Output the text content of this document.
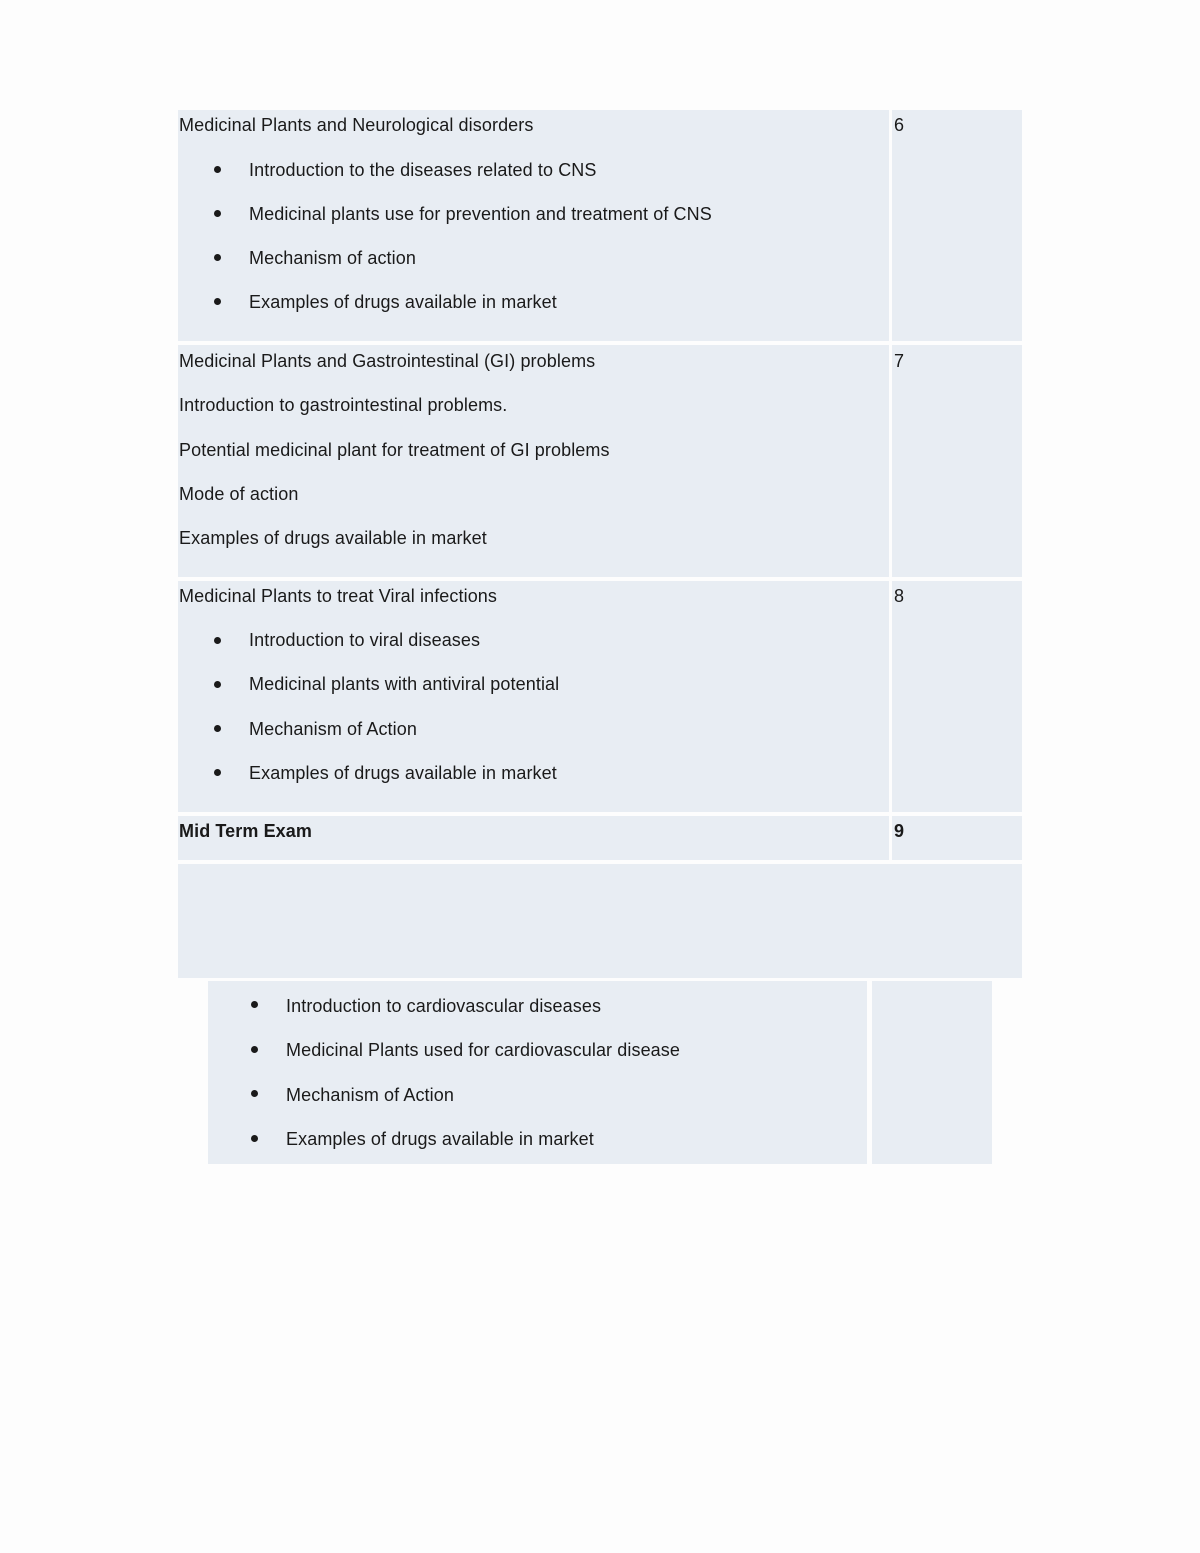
Medicinal Plants and Neurological disorders	6
Introduction to the diseases related to CNS
Medicinal plants use for prevention and treatment of CNS
Mechanism of action
Examples of drugs available in market
Medicinal Plants and Gastrointestinal (GI) problems	7
Introduction to gastrointestinal problems.
Potential medicinal plant for treatment of GI problems
Mode of action
Examples of drugs available in market
Medicinal Plants to treat Viral infections	8
Introduction to viral diseases
Medicinal plants with antiviral potential
Mechanism of Action
Examples of drugs available in market
Mid Term Exam	9
Introduction to cardiovascular diseases
Medicinal Plants used for cardiovascular disease
Mechanism of Action
Examples of drugs available in market
